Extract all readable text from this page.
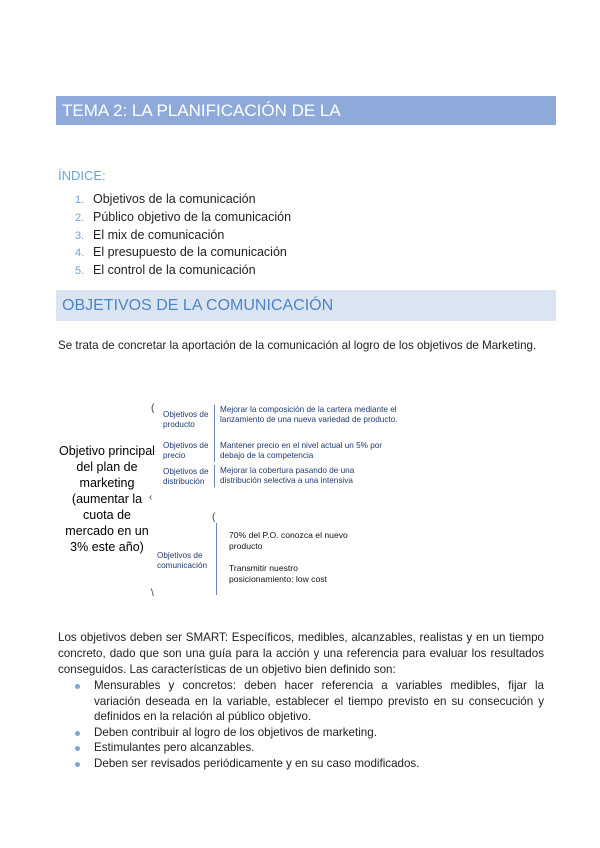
TEMA 2: LA PLANIFICACIÓN DE LA
ÍNDICE:
1. Objetivos de la comunicación
2. Público objetivo de la comunicación
3. El mix de comunicación
4. El presupuesto de la comunicación
5. El control de la comunicación
OBJETIVOS DE LA COMUNICACIÓN
Se trata de concretar la aportación de la comunicación al logro de los objetivos de Marketing.
Objetivo principal del plan de marketing (aumentar la cuota de mercado en un 3% este año)
(
‹
\
Objetivos de producto
Mejorar la composición de la cartera mediante el lanzamiento de una nueva variedad de producto.
Objetivos de precio
Mantener precio en el nivel actual un 5% por debajo de la competencia
Objetivos de distribución
Mejorar la cobertura pasando de una distribución selectiva a una intensiva
(
Objetivos de comunicación
70% del P.O. conozca el nuevo producto
Transmitir nuestro posicionamiento: low cost
Los objetivos deben ser SMART: Específicos, medibles, alcanzables, realistas y en un tiempo concreto, dado que son una guía para la acción y una referencia para evaluar los resultados conseguidos. Las características de un objetivo bien definido son:
Mensurables y concretos: deben hacer referencia a variables medibles, fijar la variación deseada en la variable, establecer el tiempo previsto en su consecución y definidos en la relación al público objetivo.
Deben contribuir al logro de los objetivos de marketing.
Estimulantes pero alcanzables.
Deben ser revisados periódicamente y en su caso modificados.
